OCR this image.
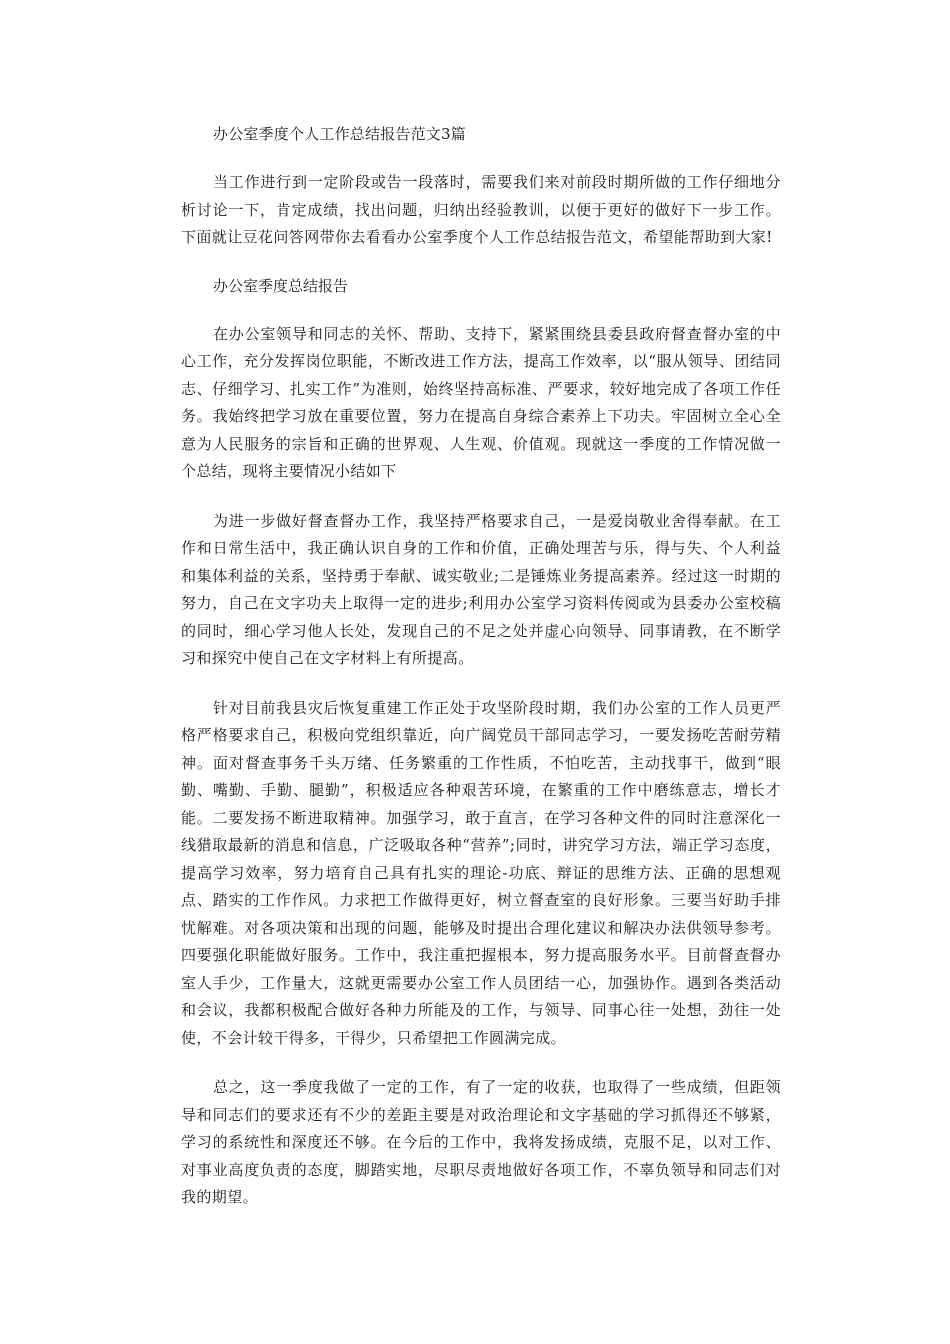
办公室季度个人工作总结报告范文3篇

当工作进行到一定阶段或告一段落时，需要我们来对前段时期所做的工作仔细地分析讨论一下，肯定成绩，找出问题，归纳出经验教训，以便于更好的做好下一步工作。下面就让豆花问答网带你去看看办公室季度个人工作总结报告范文，希望能帮助到大家!

办公室季度总结报告

在办公室领导和同志的关怀、帮助、支持下，紧紧围绕县委县政府督查督办室的中心工作，充分发挥岗位职能，不断改进工作方法，提高工作效率，以“服从领导、团结同志、仔细学习、扎实工作”为准则，始终坚持高标准、严要求，较好地完成了各项工作任务。我始终把学习放在重要位置，努力在提高自身综合素养上下功夫。牢固树立全心全意为人民服务的宗旨和正确的世界观、人生观、价值观。现就这一季度的工作情况做一个总结，现将主要情况小结如下

为进一步做好督查督办工作，我坚持严格要求自己，一是爱岗敬业舍得奉献。在工作和日常生活中，我正确认识自身的工作和价值，正确处理苦与乐，得与失、个人利益和集体利益的关系，坚持勇于奉献、诚实敬业;二是锤炼业务提高素养。经过这一时期的努力，自己在文字功夫上取得一定的进步;利用办公室学习资料传阅或为县委办公室校稿的同时，细心学习他人长处，发现自己的不足之处并虚心向领导、同事请教，在不断学习和探究中使自己在文字材料上有所提高。

针对目前我县灾后恢复重建工作正处于攻坚阶段时期，我们办公室的工作人员更严格严格要求自己，积极向党组织靠近，向广阔党员干部同志学习，一要发扬吃苦耐劳精神。面对督查事务千头万绪、任务繁重的工作性质，不怕吃苦，主动找事干，做到“眼勤、嘴勤、手勤、腿勤”，积极适应各种艰苦环境，在繁重的工作中磨练意志，增长才能。二要发扬不断进取精神。加强学习，敢于直言，在学习各种文件的同时注意深化一线猎取最新的消息和信息，广泛吸取各种“营养”;同时，讲究学习方法，端正学习态度，提高学习效率，努力培育自己具有扎实的理论-功底、辩证的思维方法、正确的思想观点、踏实的工作作风。力求把工作做得更好，树立督查室的良好形象。三要当好助手排忧解难。对各项决策和出现的问题，能够及时提出合理化建议和解决办法供领导参考。四要强化职能做好服务。工作中，我注重把握根本，努力提高服务水平。目前督查督办室人手少，工作量大，这就更需要办公室工作人员团结一心，加强协作。遇到各类活动和会议，我都积极配合做好各种力所能及的工作，与领导、同事心往一处想，劲往一处使，不会计较干得多，干得少，只希望把工作圆满完成。

总之，这一季度我做了一定的工作，有了一定的收获，也取得了一些成绩，但距领导和同志们的要求还有不少的差距主要是对政治理论和文字基础的学习抓得还不够紧，学习的系统性和深度还不够。在今后的工作中，我将发扬成绩，克服不足，以对工作、对事业高度负责的态度，脚踏实地，尽职尽责地做好各项工作，不辜负领导和同志们对我的期望。
